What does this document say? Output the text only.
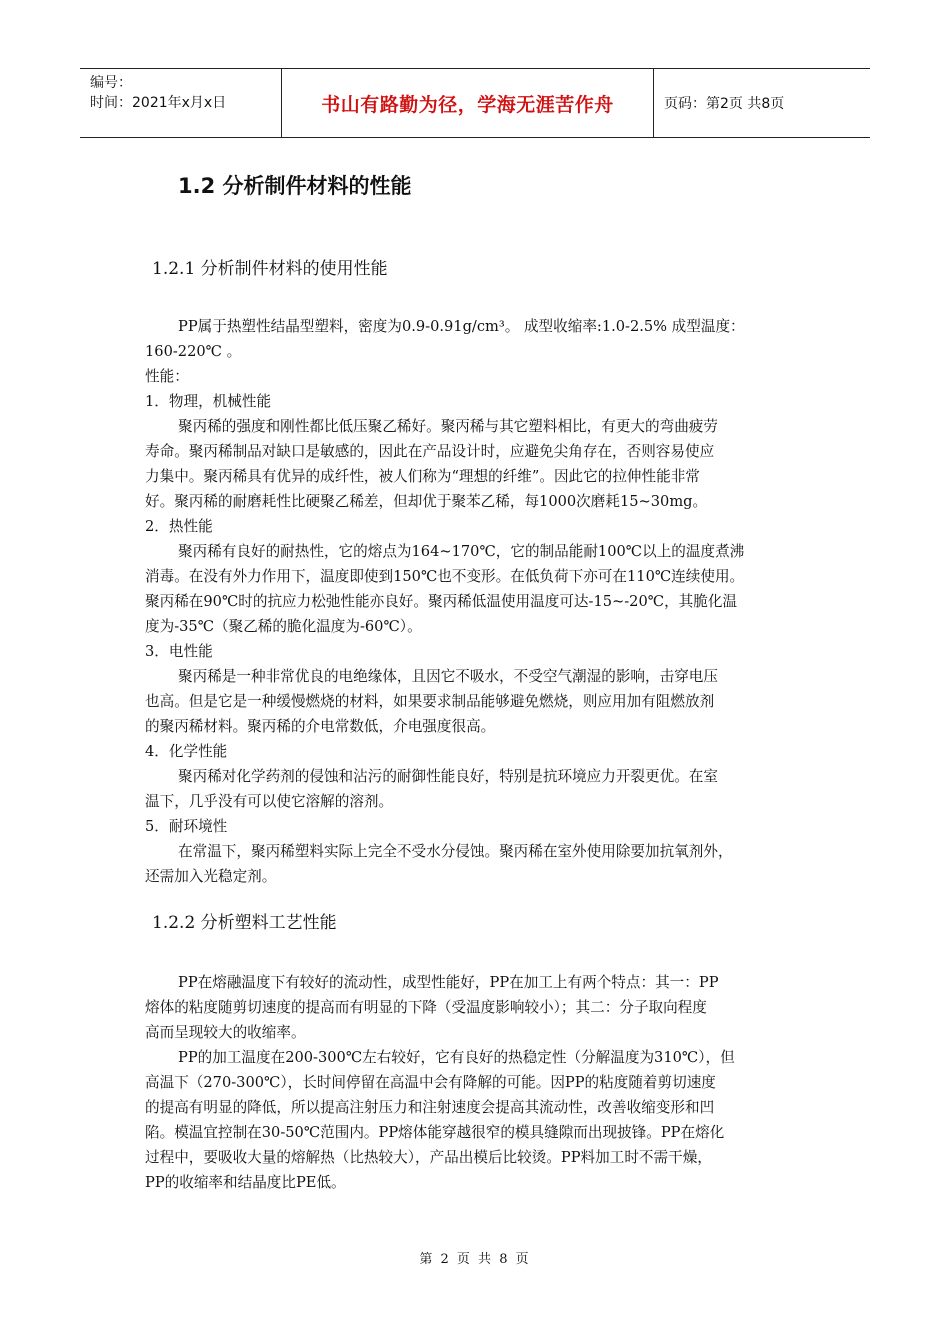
编号：
时间：2021年x月x日	书山有路勤为径，学海无涯苦作舟	页码：第2页 共8页
1.2 分析制件材料的性能
1.2.1 分析制件材料的使用性能

PP属于热塑性结晶型塑料，密度为0.9-0.91g/cm³。 成型收缩率:1.0-2.5% 成型温度：

160-220℃ 。

性能：

1．物理，机械性能

聚丙稀的强度和刚性都比低压聚乙稀好。聚丙稀与其它塑料相比，有更大的弯曲疲劳

寿命。聚丙稀制品对缺口是敏感的，因此在产品设计时，应避免尖角存在，否则容易使应

力集中。聚丙稀具有优异的成纤性，被人们称为“理想的纤维”。因此它的拉伸性能非常

好。聚丙稀的耐磨耗性比硬聚乙稀差，但却优于聚苯乙稀，每1000次磨耗15~30mg。

2．热性能

聚丙稀有良好的耐热性，它的熔点为164~170℃，它的制品能耐100℃以上的温度煮沸

消毒。在没有外力作用下，温度即使到150℃也不变形。在低负荷下亦可在110℃连续使用。

聚丙稀在90℃时的抗应力松弛性能亦良好。聚丙稀低温使用温度可达-15~-20℃，其脆化温

度为-35℃（聚乙稀的脆化温度为-60℃）。

3．电性能

聚丙稀是一种非常优良的电绝缘体，且因它不吸水，不受空气潮湿的影响，击穿电压

也高。但是它是一种缓慢燃烧的材料，如果要求制品能够避免燃烧，则应用加有阻燃放剂

的聚丙稀材料。聚丙稀的介电常数低，介电强度很高。

4．化学性能

聚丙稀对化学药剂的侵蚀和沾污的耐御性能良好，特别是抗环境应力开裂更优。在室

温下，几乎没有可以使它溶解的溶剂。

5．耐环境性

在常温下，聚丙稀塑料实际上完全不受水分侵蚀。聚丙稀在室外使用除要加抗氧剂外，

还需加入光稳定剂。

1.2.2 分析塑料工艺性能

PP在熔融温度下有较好的流动性，成型性能好，PP在加工上有两个特点：其一：PP

熔体的粘度随剪切速度的提高而有明显的下降（受温度影响较小）；其二：分子取向程度

高而呈现较大的收缩率。

PP的加工温度在200-300℃左右较好，它有良好的热稳定性（分解温度为310℃），但

高温下（270-300℃），长时间停留在高温中会有降解的可能。因PP的粘度随着剪切速度

的提高有明显的降低，所以提高注射压力和注射速度会提高其流动性，改善收缩变形和凹

陷。模温宜控制在30-50℃范围内。PP熔体能穿越很窄的模具缝隙而出现披锋。PP在熔化

过程中，要吸收大量的熔解热（比热较大），产品出模后比较烫。PP料加工时不需干燥，

PP的收缩率和结晶度比PE低。

第 2 页 共 8 页
